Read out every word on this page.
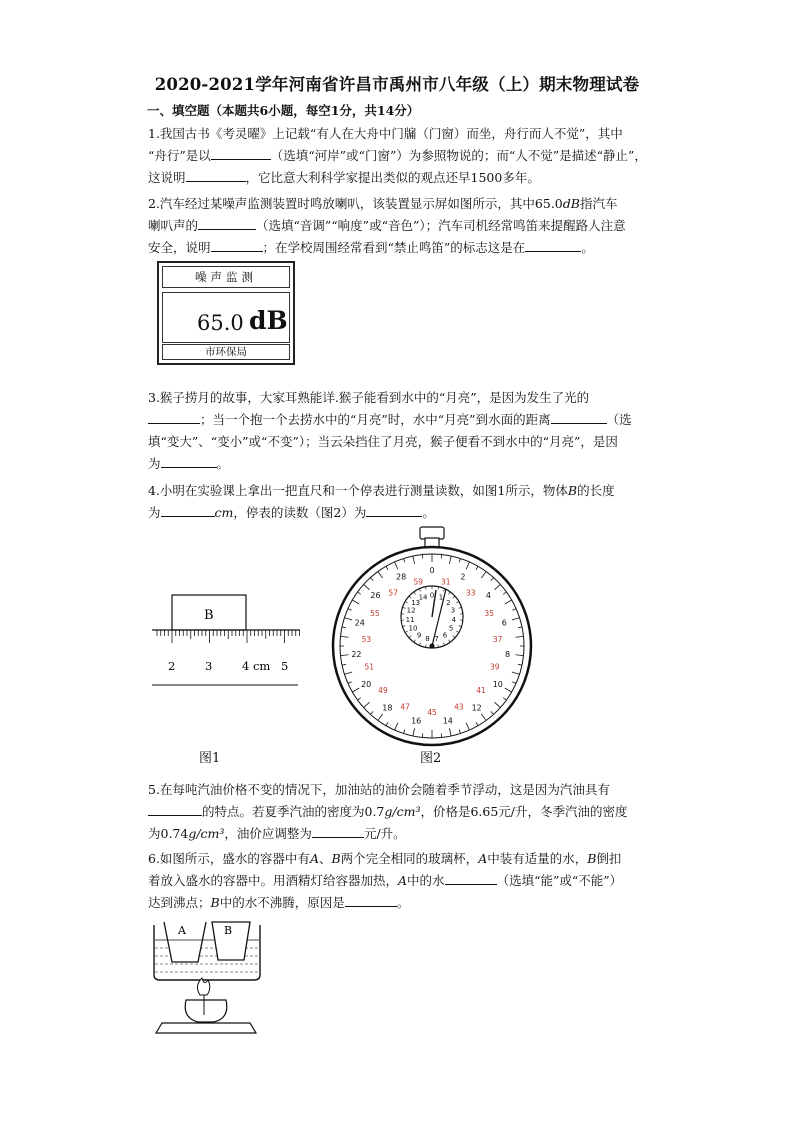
2020-2021学年河南省许昌市禹州市八年级（上）期末物理试卷
一、填空题（本题共6小题，每空1分，共14分）
1.我国古书《考灵曜》上记载“有人在大舟中门牖（门窗）而坐，舟行而人不觉”，其中
“舟行”是以	（选填“河岸”或“门窗”）为参照物说的；而“人不觉”是描述“静止”，
这说明	，它比意大利科学家提出类似的观点还早1500多年。
2.汽车经过某噪声监测装置时鸣放喇叭，该装置显示屏如图所示，其中65.0dB指汽车
喇叭声的	（选填“音调”“响度”或“音色”）；汽车司机经常鸣笛来提醒路人注意
安全，说明	；在学校周围经常看到“禁止鸣笛”的标志这是在	。
噪声监测
65.0 dB
市环保局
3.猴子捞月的故事，大家耳熟能详.猴子能看到水中的“月亮”，是因为发生了光的
；当一个抱一个去捞水中的“月亮”时，水中“月亮”到水面的距离	（选
填“变大”、“变小”或“不变”）；当云朵挡住了月亮，猴子便看不到水中的“月亮”，是因
为	。
4.小明在实验课上拿出一把直尺和一个停表进行测量读数，如图1所示，物体B的长度
为	cm，停表的读数（图2）为	。
B
2	3	4 cm 5
0
31
2
33 4
35
6
37
8
39
10
41
12
43
14
45
16
47
18
49
20
51
22
53
24
55
26 57
28
59
0 1
2
3
4
5
6
7
8
9
10
11
12
13
14
图1	图2
5.在每吨汽油价格不变的情况下，加油站的油价会随着季节浮动，这是因为汽油具有
的特点。若夏季汽油的密度为0.7g/cm³，价格是6.65元/升，冬季汽油的密度
为0.74g/cm³，油价应调整为	元/升。
6.如图所示，盛水的容器中有A、B两个完全相同的玻璃杯，A中装有适量的水，B倒扣
着放入盛水的容器中。用酒精灯给容器加热，A中的水	（选填“能”或“不能”）
达到沸点；B中的水不沸腾，原因是	。
A	B
